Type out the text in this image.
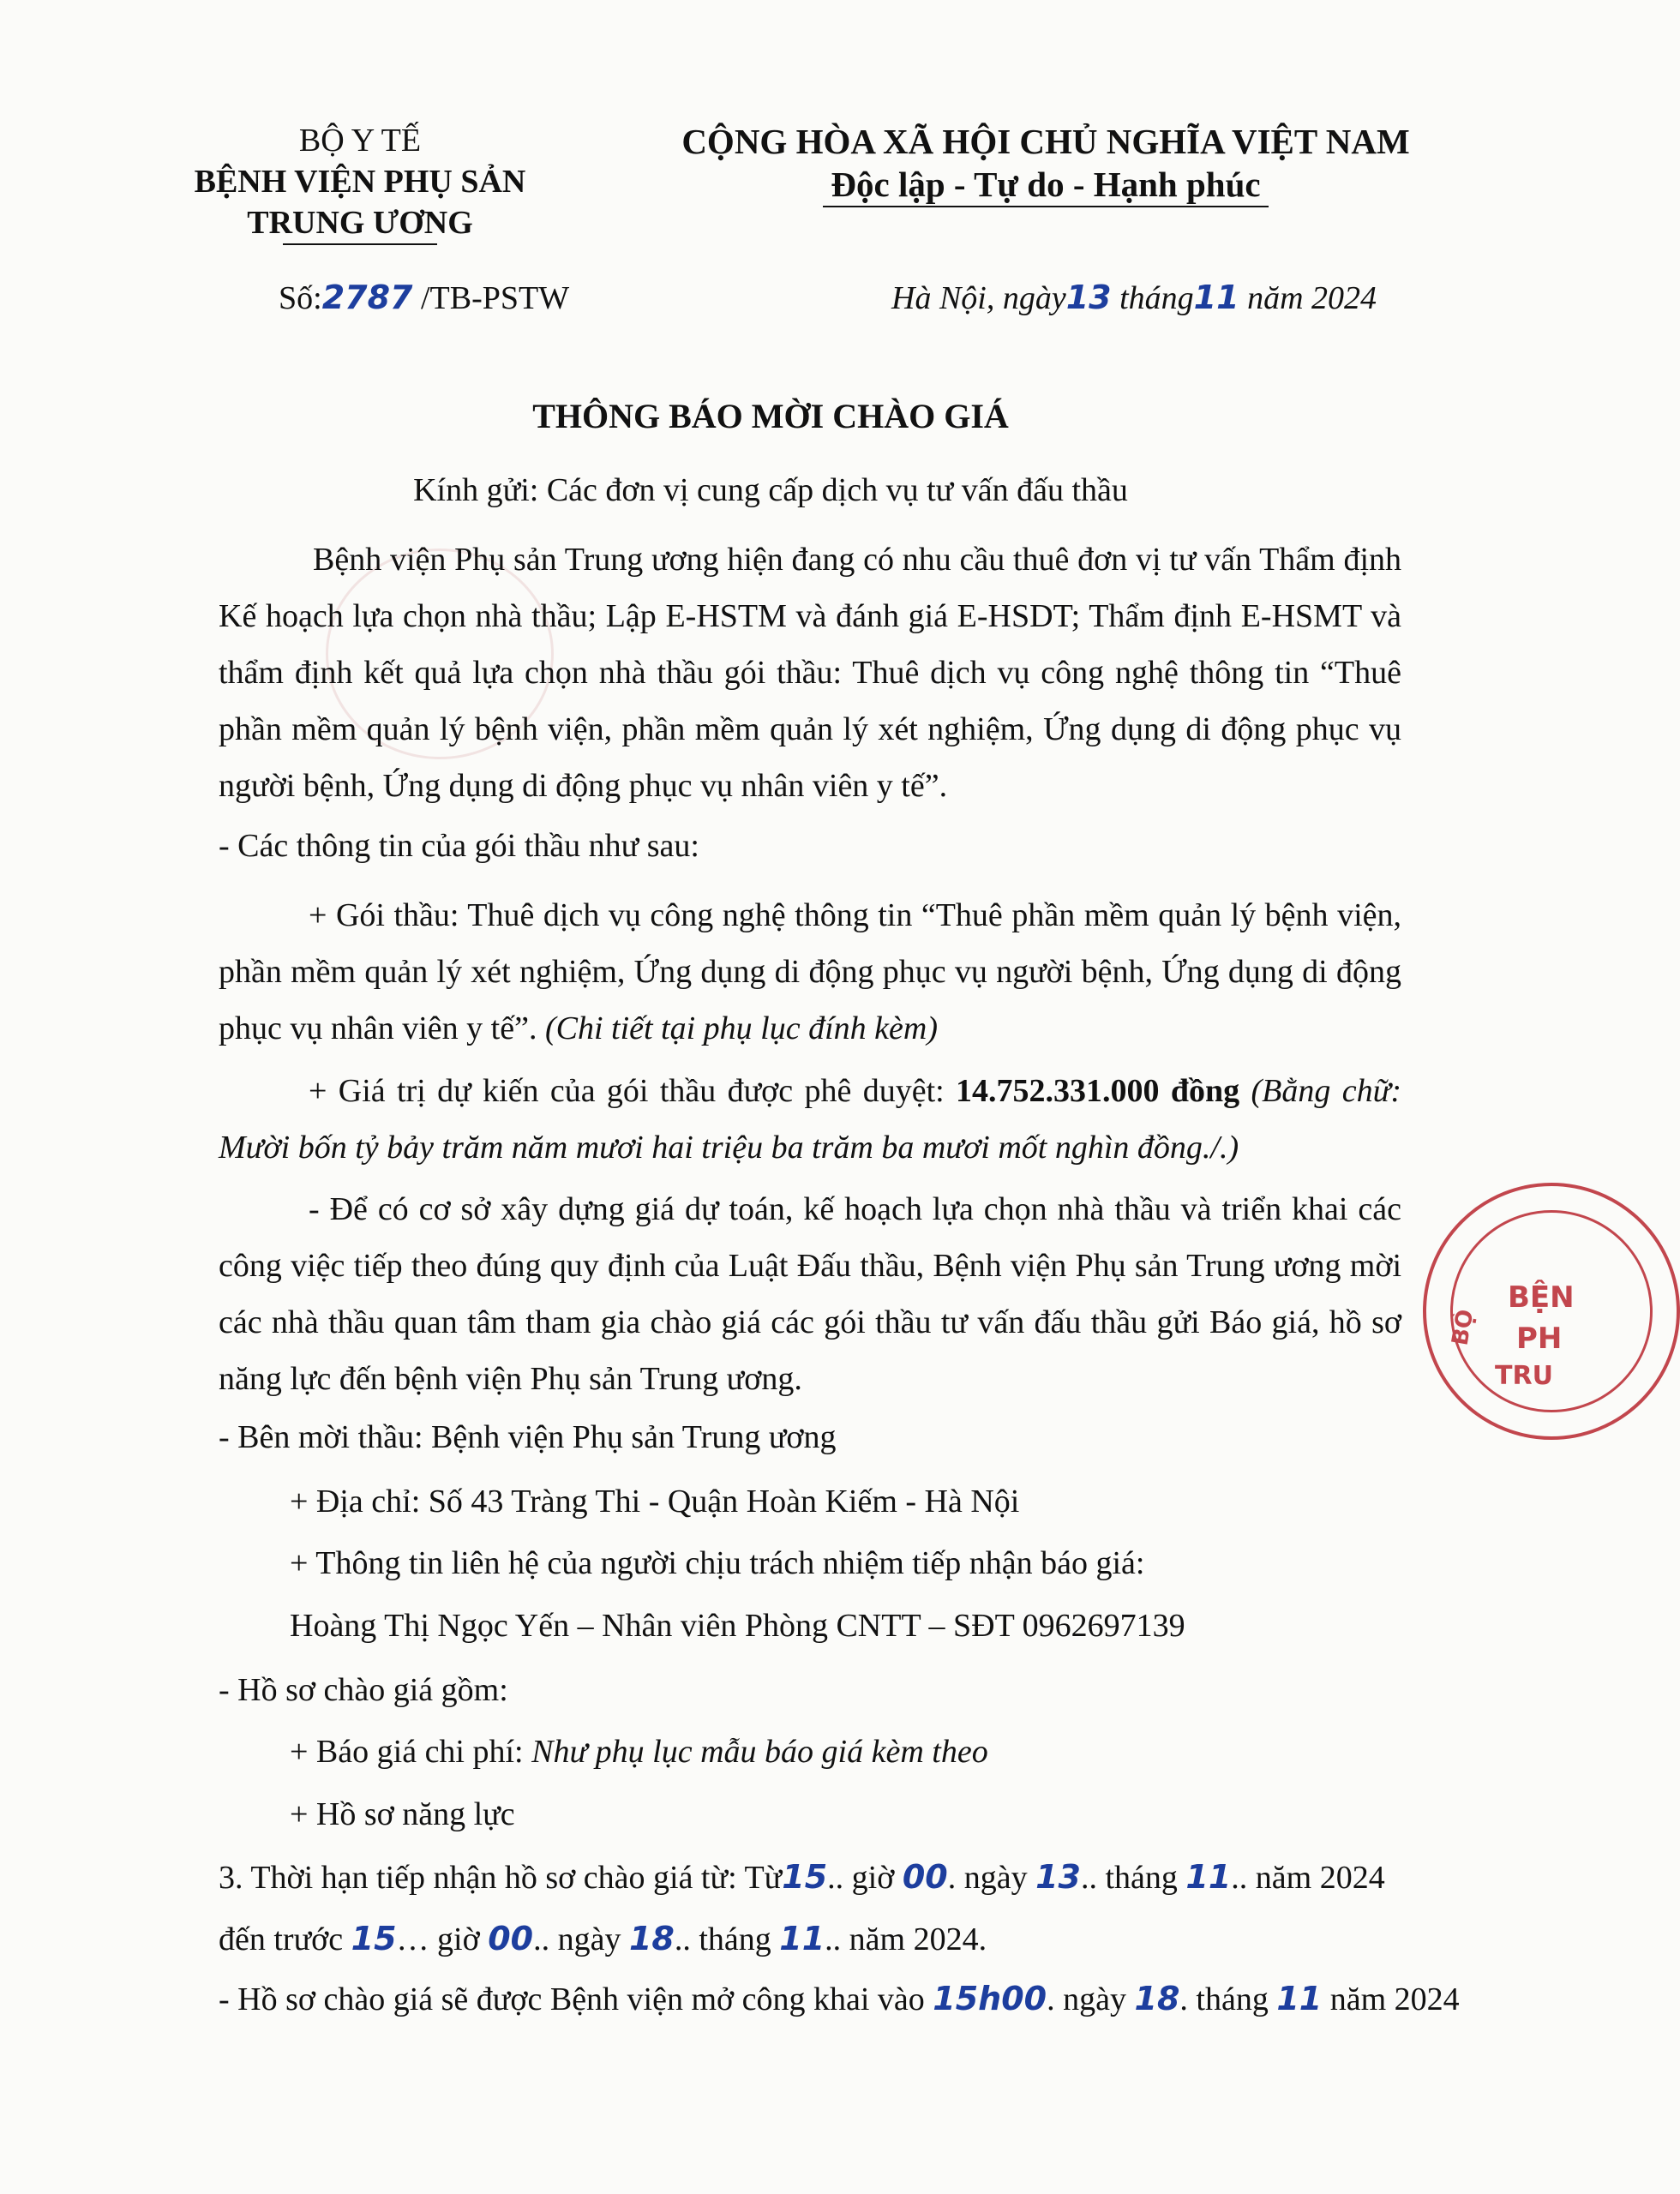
BỘ Y TẾ
BỆNH VIỆN PHỤ SẢN
TRUNG ƯƠNG
CỘNG HÒA XÃ HỘI CHỦ NGHĨA VIỆT NAM
Độc lập - Tự do - Hạnh phúc
Số:2787 /TB-PSTW	Hà Nội, ngày13 tháng11 năm 2024
THÔNG BÁO MỜI CHÀO GIÁ
Kính gửi: Các đơn vị cung cấp dịch vụ tư vấn đấu thầu
Bệnh viện Phụ sản Trung ương hiện đang có nhu cầu thuê đơn vị tư vấn Thẩm định Kế hoạch lựa chọn nhà thầu; Lập E-HSTM và đánh giá E-HSDT; Thẩm định E-HSMT và thẩm định kết quả lựa chọn nhà thầu gói thầu: Thuê dịch vụ công nghệ thông tin “Thuê phần mềm quản lý bệnh viện, phần mềm quản lý xét nghiệm, Ứng dụng di động phục vụ người bệnh, Ứng dụng di động phục vụ nhân viên y tế”.
- Các thông tin của gói thầu như sau:
+ Gói thầu: Thuê dịch vụ công nghệ thông tin “Thuê phần mềm quản lý bệnh viện, phần mềm quản lý xét nghiệm, Ứng dụng di động phục vụ người bệnh, Ứng dụng di động phục vụ nhân viên y tế”. (Chi tiết tại phụ lục đính kèm)
+ Giá trị dự kiến của gói thầu được phê duyệt: 14.752.331.000 đồng (Bằng chữ: Mười bốn tỷ bảy trăm năm mươi hai triệu ba trăm ba mươi mốt nghìn đồng./.)
- Để có cơ sở xây dựng giá dự toán, kế hoạch lựa chọn nhà thầu và triển khai các công việc tiếp theo đúng quy định của Luật Đấu thầu, Bệnh viện Phụ sản Trung ương mời các nhà thầu quan tâm tham gia chào giá các gói thầu tư vấn đấu thầu gửi Báo giá, hồ sơ năng lực đến bệnh viện Phụ sản Trung ương.
- Bên mời thầu: Bệnh viện Phụ sản Trung ương
+ Địa chỉ: Số 43 Tràng Thi - Quận Hoàn Kiếm - Hà Nội
+ Thông tin liên hệ của người chịu trách nhiệm tiếp nhận báo giá:
Hoàng Thị Ngọc Yến – Nhân viên Phòng CNTT – SĐT 0962697139
- Hồ sơ chào giá gồm:
+ Báo giá chi phí: Như phụ lục mẫu báo giá kèm theo
+ Hồ sơ năng lực
3. Thời hạn tiếp nhận hồ sơ chào giá từ: Từ15.. giờ 00. ngày 13.. tháng 11.. năm 2024
đến trước 15… giờ 00.. ngày 18.. tháng 11.. năm 2024.
- Hồ sơ chào giá sẽ được Bệnh viện mở công khai vào 15h00. ngày 18. tháng 11 năm 2024
BỆN
PH
TRU
BỘ
